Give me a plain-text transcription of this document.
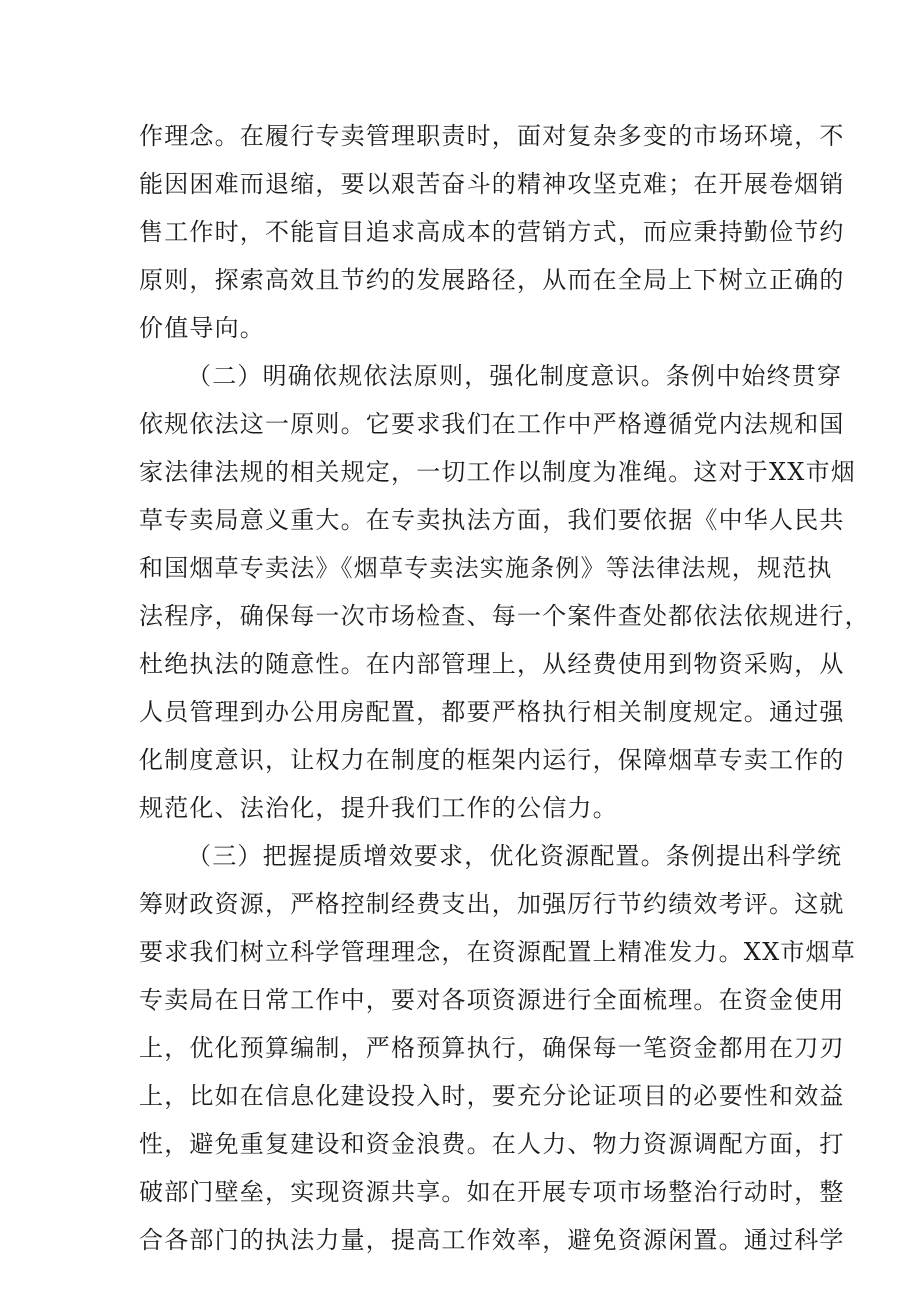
作理念。在履行专卖管理职责时，面对复杂多变的市场环境，不
能因困难而退缩，要以艰苦奋斗的精神攻坚克难；在开展卷烟销
售工作时，不能盲目追求高成本的营销方式，而应秉持勤俭节约
原则，探索高效且节约的发展路径，从而在全局上下树立正确的
价值导向。
（二）明确依规依法原则，强化制度意识。条例中始终贯穿
依规依法这一原则。它要求我们在工作中严格遵循党内法规和国
家法律法规的相关规定，一切工作以制度为准绳。这对于XX市烟
草专卖局意义重大。在专卖执法方面，我们要依据《中华人民共
和国烟草专卖法》《烟草专卖法实施条例》等法律法规，规范执
法程序，确保每一次市场检查、每一个案件查处都依法依规进行，
杜绝执法的随意性。在内部管理上，从经费使用到物资采购，从
人员管理到办公用房配置，都要严格执行相关制度规定。通过强
化制度意识，让权力在制度的框架内运行，保障烟草专卖工作的
规范化、法治化，提升我们工作的公信力。
（三）把握提质增效要求，优化资源配置。条例提出科学统
筹财政资源，严格控制经费支出，加强厉行节约绩效考评。这就
要求我们树立科学管理理念，在资源配置上精准发力。XX市烟草
专卖局在日常工作中，要对各项资源进行全面梳理。在资金使用
上，优化预算编制，严格预算执行，确保每一笔资金都用在刀刃
上，比如在信息化建设投入时，要充分论证项目的必要性和效益
性，避免重复建设和资金浪费。在人力、物力资源调配方面，打
破部门壁垒，实现资源共享。如在开展专项市场整治行动时，整
合各部门的执法力量，提高工作效率，避免资源闲置。通过科学
